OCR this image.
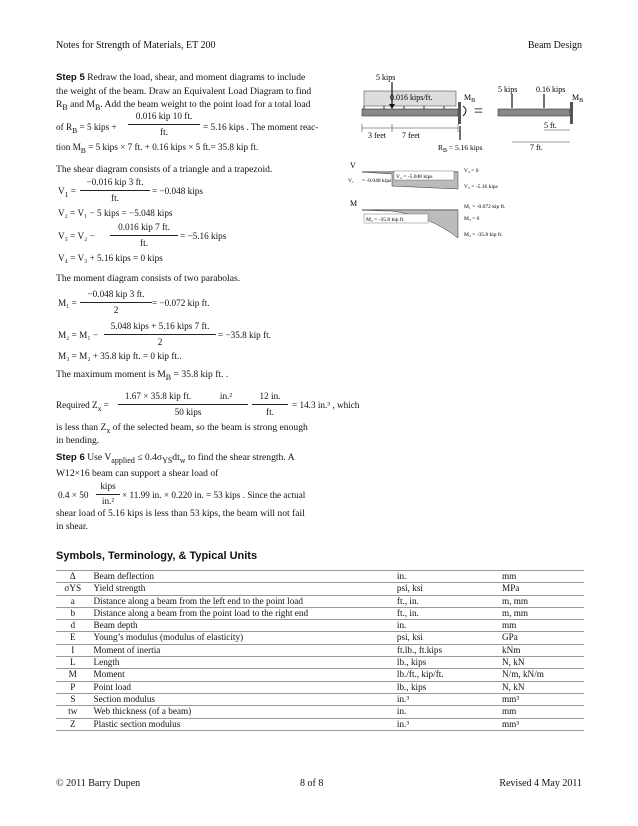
Notes for Strength of Materials, ET 200	Beam Design
Step 5 Redraw the load, shear, and moment diagrams to include
the weight of the beam. Draw an Equivalent Load Diagram to find
$R_B$ and $M_B$. Add the beam weight to the point load for a total load
of $R_B = 5$ kips +
0.016 kip 10 ft.
ft.	= 5.16 kips . The moment reac-
tion $M_B = 5$ kips × 7 ft. + 0.16 kips × 5 ft.= 35.8 kip ft.
The shear diagram consists of a triangle and a trapezoid.
$V_1$ =
−0.016 kip 3 ft.
ft.
= −0.048 kips
V₂ = V₁ − 5 kips = −5.048 kips
V₃ = V₂ −
0.016 kip 7 ft.
ft.
= −5.16 kips
V₄ = V₃ + 5.16 kips = 0 kips
The moment diagram consists of two parabolas.
M₁ =
−0.048 kip 3 ft.
2
= −0.072 kip ft.
M₂ = M₁ −
5.048 kips + 5.16 kips 7 ft.
2
= −35.8 kip ft.
M₃ = M₂ + 35.8 kip ft. = 0 kip ft..
The maximum moment is $M_B = 35.8$ kip ft. .
Required $Z_x$ =
1.67 × 35.8 kip ft.
50 kips
in.²	12 in.
ft.
= 14.3 in.³ , which
is less than $Z_x$ of the selected beam, so the beam is strong enough
in bending.
Step 6 Use $V_{applied} \le 0.4\sigma_{YS}dt_w$ to find the shear strength. A
W12×16 beam can support a shear load of
0.4 × 50
kips
in.²
× 11.99 in. × 0.220 in. = 53 kips . Since the actual
shear load of 5.16 kips is less than 53 kips, the beam will not fail
in shear.
5 kips
0.016 kips/ft.	$M_B$
3 feet 7 feet
$R_B = 5.16$ kips
=
5 kips 0.16 kips
$M_B$
5 ft.
7 ft.
V
V₂ = -5.048 kips
V₁ = -0.048 kips
V₄ = 0
V₃ = -5.16 kips
M
M₂ = -35.8 kip ft.
M₁ = -0.072 kip ft.
M₃ = 0
M₄ = -35.8 kip ft.
Symbols, Terminology, & Typical Units
Δ	Beam deflection	in.	mm
σYS	Yield strength	psi, ksi	MPa
a	Distance along a beam from the left end to the point load	ft., in.	m, mm
b	Distance along a beam from the point load to the right end	ft., in.	m, mm
d	Beam depth	in.	mm
E	Young’s modulus (modulus of elasticity)	psi, ksi	GPa
I	Moment of inertia	ft.lb., ft.kips	kNm
L	Length	lb., kips	N, kN
M	Moment	lb./ft., kip/ft.	N/m, kN/m
P	Point load	lb., kips	N, kN
S	Section modulus	in.³	mm³
tw	Web thickness (of a beam)	in.	mm
Z	Plastic section modulus	in.³	mm³
© 2011 Barry Dupen	8 of 8	Revised 4 May 2011
